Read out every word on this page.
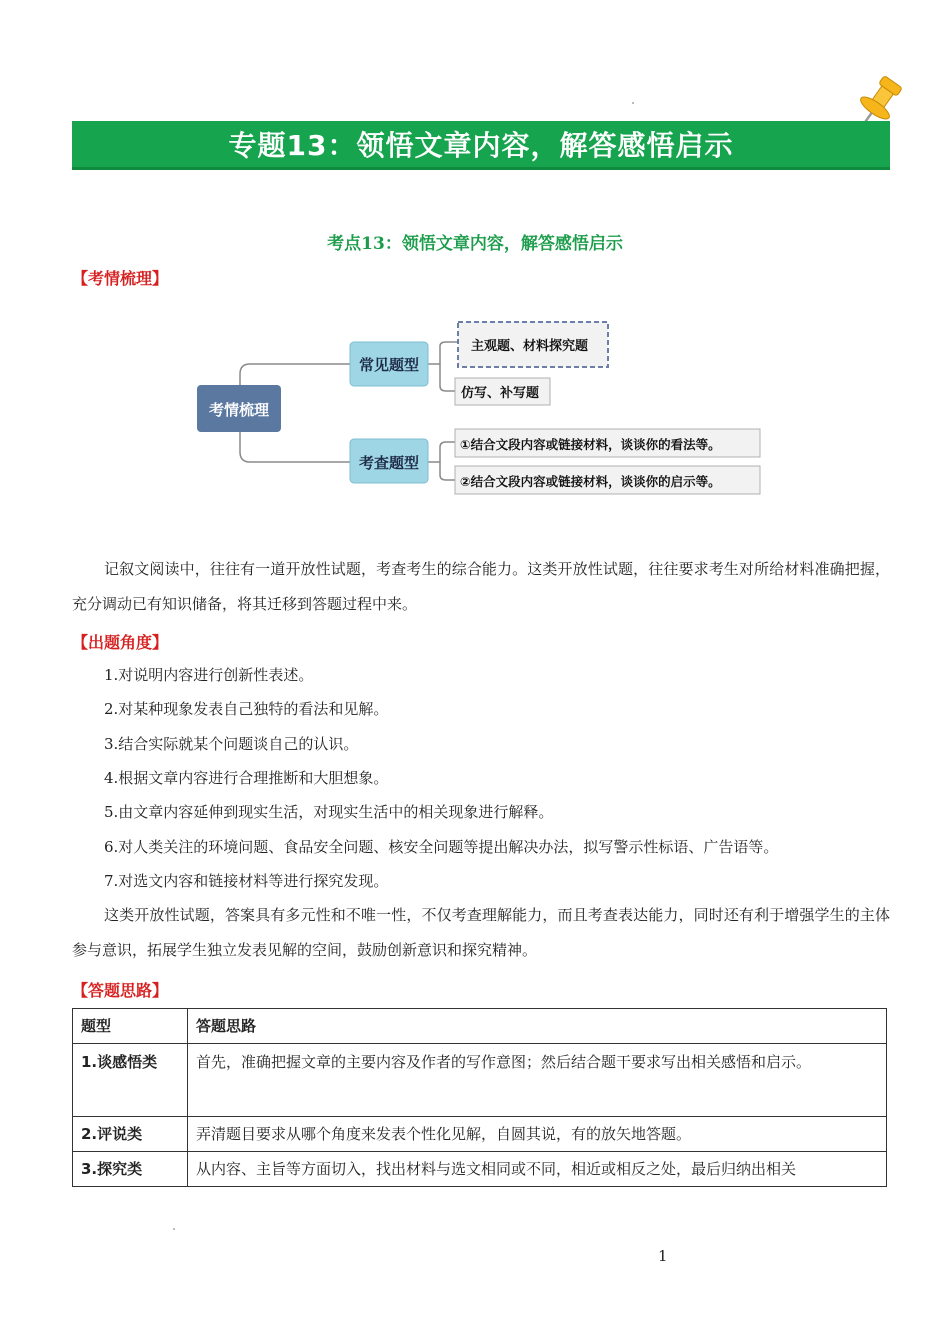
专题13：领悟文章内容，解答感悟启示
考点13：领悟文章内容，解答感悟启示
【考情梳理】
考情梳理
常见题型
考查题型
主观题、材料探究题
仿写、补写题
①结合文段内容或链接材料，谈谈你的看法等。
②结合文段内容或链接材料，谈谈你的启示等。
记叙文阅读中，往往有一道开放性试题，考查考生的综合能力。这类开放性试题，往往要求考生对所给材料准确把握，充分调动已有知识储备，将其迁移到答题过程中来。
【出题角度】
1.对说明内容进行创新性表述。
2.对某种现象发表自己独特的看法和见解。
3.结合实际就某个问题谈自己的认识。
4.根据文章内容进行合理推断和大胆想象。
5.由文章内容延伸到现实生活，对现实生活中的相关现象进行解释。
6.对人类关注的环境问题、食品安全问题、核安全问题等提出解决办法，拟写警示性标语、广告语等。
7.对选文内容和链接材料等进行探究发现。
这类开放性试题，答案具有多元性和不唯一性，不仅考查理解能力，而且考查表达能力，同时还有利于增强学生的主体参与意识，拓展学生独立发表见解的空间，鼓励创新意识和探究精神。
【答题思路】
题型	答题思路
1.谈感悟类	首先，准确把握文章的主要内容及作者的写作意图；然后结合题干要求写出相关感悟和启示。
2.评说类	弄清题目要求从哪个角度来发表个性化见解，自圆其说，有的放矢地答题。
3.探究类	从内容、主旨等方面切入，找出材料与选文相同或不同，相近或相反之处，最后归纳出相关
1
